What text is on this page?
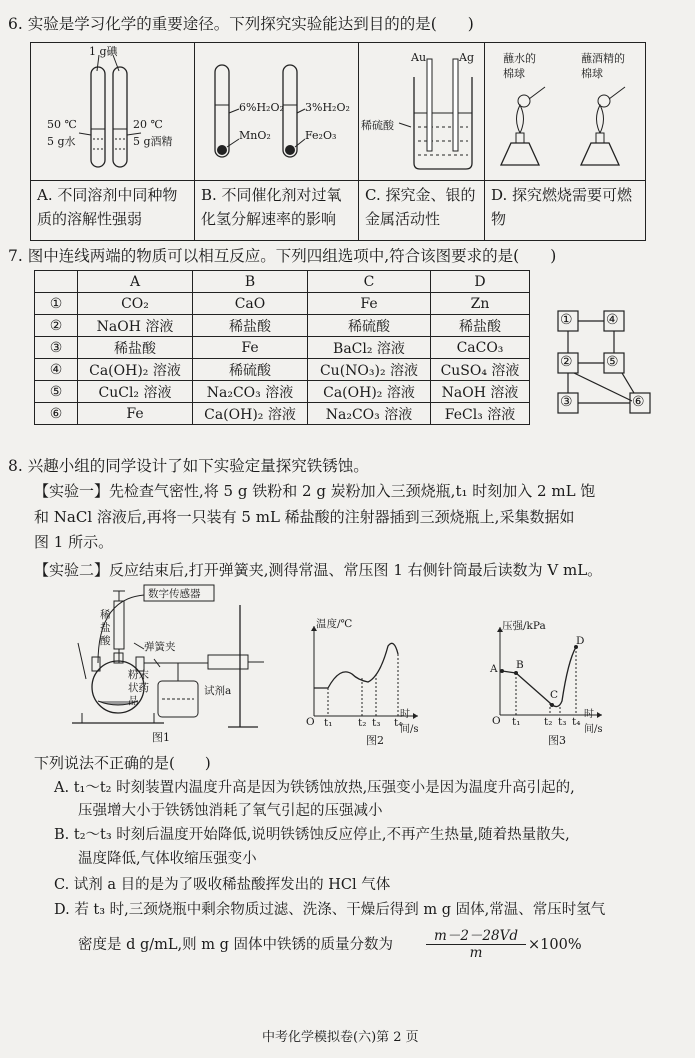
6. 实验是学习化学的重要途径。下列探究实验能达到目的的是(　　)
1 g碘
50 ℃
5 g水
20 ℃
5 g酒精	6%H₂O₂
MnO₂
3%H₂O₂
Fe₂O₃	Au Ag
稀硫酸	蘸水的棉球
蘸酒精的棉球

A. 不同溶剂中同种物质的溶解性强弱	B. 不同催化剂对过氧化氢分解速率的影响	C. 探究金、银的金属活动性	D. 探究燃烧需要可燃物
7. 图中连线两端的物质可以相互反应。下列四组选项中,符合该图要求的是(　　)
	A	B	C	D
①	CO₂	CaO	Fe	Zn
②	NaOH 溶液	稀盐酸	稀硫酸	稀盐酸
③	稀盐酸	Fe	BaCl₂ 溶液	CaCO₃
④	Ca(OH)₂ 溶液	稀硫酸	Cu(NO₃)₂ 溶液	CuSO₄ 溶液
⑤	CuCl₂ 溶液	Na₂CO₃ 溶液	Ca(OH)₂ 溶液	NaOH 溶液
⑥	Fe	Ca(OH)₂ 溶液	Na₂CO₃ 溶液	FeCl₃ 溶液
① ④
② ⑤
③	⑥
8. 兴趣小组的同学设计了如下实验定量探究铁锈蚀。
【实验一】先检查气密性,将 5 g 铁粉和 2 g 炭粉加入三颈烧瓶,t₁ 时刻加入 2 mL 饱
和 NaCl 溶液后,再将一只装有 5 mL 稀盐酸的注射器插到三颈烧瓶上,采集数据如
图 1 所示。
【实验二】反应结束后,打开弹簧夹,测得常温、常压图 1 右侧针筒最后读数为 V mL。
数字传感器
稀盐酸	弹簧夹
粉末状药品
试剂a
图1
温度/℃
O t₁ t₂ t₃ t₄
时间/s
图2
压强/kPa
A B
C
D
O t₁ t₂ t₃ t₄
时间/s
图3
下列说法不正确的是(　　)
A. t₁～t₂ 时刻装置内温度升高是因为铁锈蚀放热,压强变小是因为温度升高引起的,
压强增大小于铁锈蚀消耗了氧气引起的压强减小
B. t₂～t₃ 时刻后温度开始降低,说明铁锈蚀反应停止,不再产生热量,随着热量散失,
温度降低,气体收缩压强变小
C. 试剂 a 目的是为了吸收稀盐酸挥发出的 HCl 气体
D. 若 t₃ 时,三颈烧瓶中剩余物质过滤、洗涤、干燥后得到 m g 固体,常温、常压时氢气
密度是 d g/mL,则 m g 固体中铁锈的质量分数为 $\frac{m-2-28Vd}{m} \times 100\%$
中考化学模拟卷(六)第 2 页
